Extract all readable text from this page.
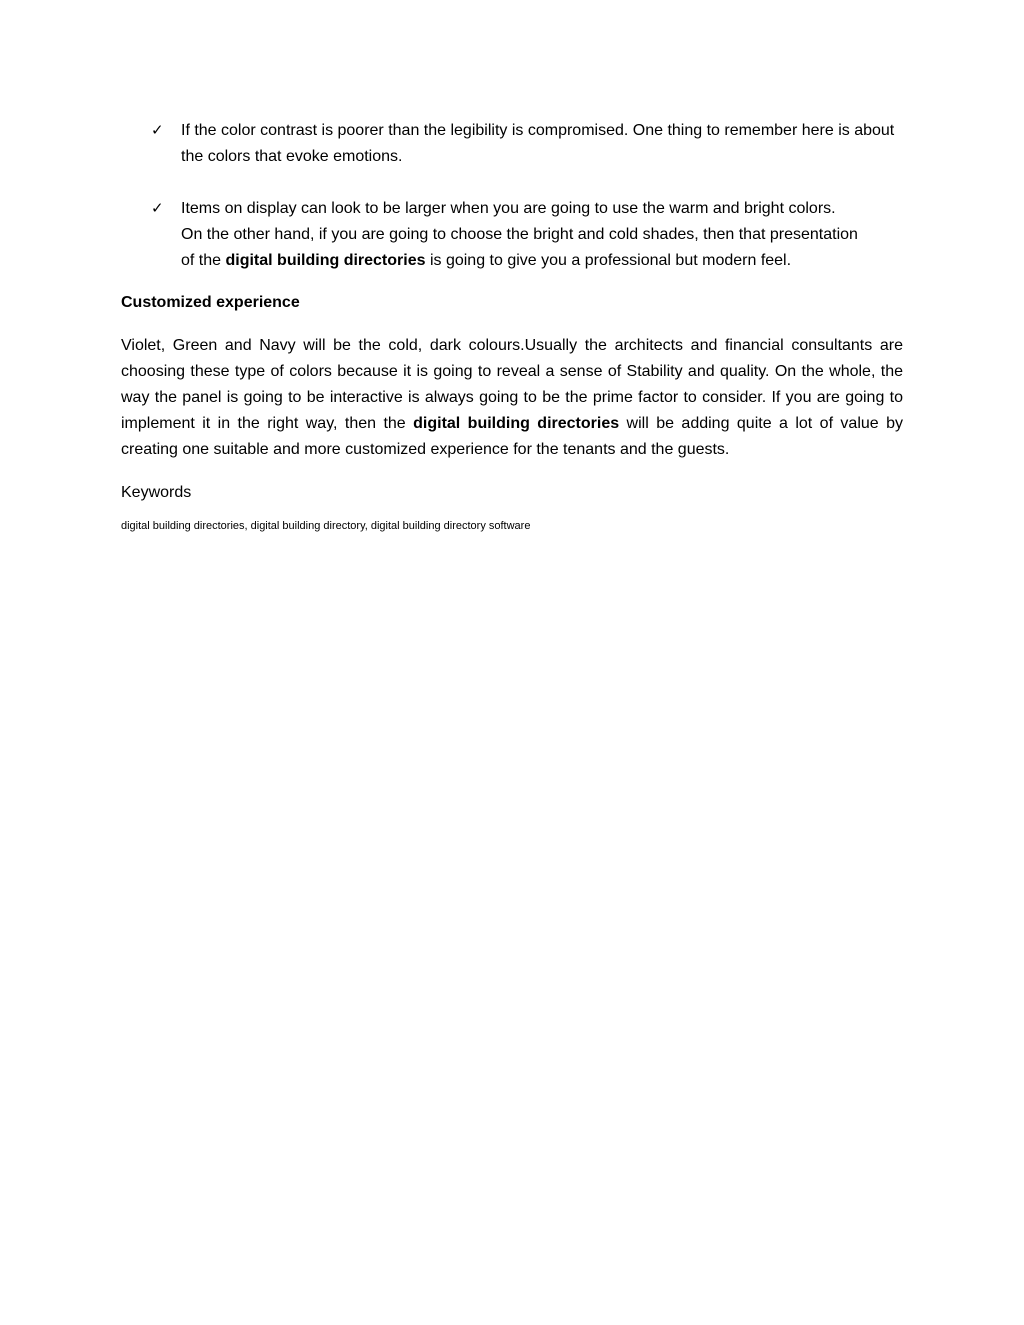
✓ If the color contrast is poorer than the legibility is compromised. One thing to remember here is about the colors that evoke emotions.
✓ Items on display can look to be larger when you are going to use the warm and bright colors.
On the other hand, if you are going to choose the bright and cold shades, then that presentation
of the digital building directories is going to give you a professional but modern feel.
Customized experience

Violet, Green and Navy will be the cold, dark colours.Usually the architects and financial consultants are choosing these type of colors because it is going to reveal a sense of Stability and quality. On the whole, the way the panel is going to be interactive is always going to be the prime factor to consider. If you are going to implement it in the right way, then the digital building directories will be adding quite a lot of value by creating one suitable and more customized experience for the tenants and the guests.

Keywords

digital building directories, digital building directory, digital building directory software
